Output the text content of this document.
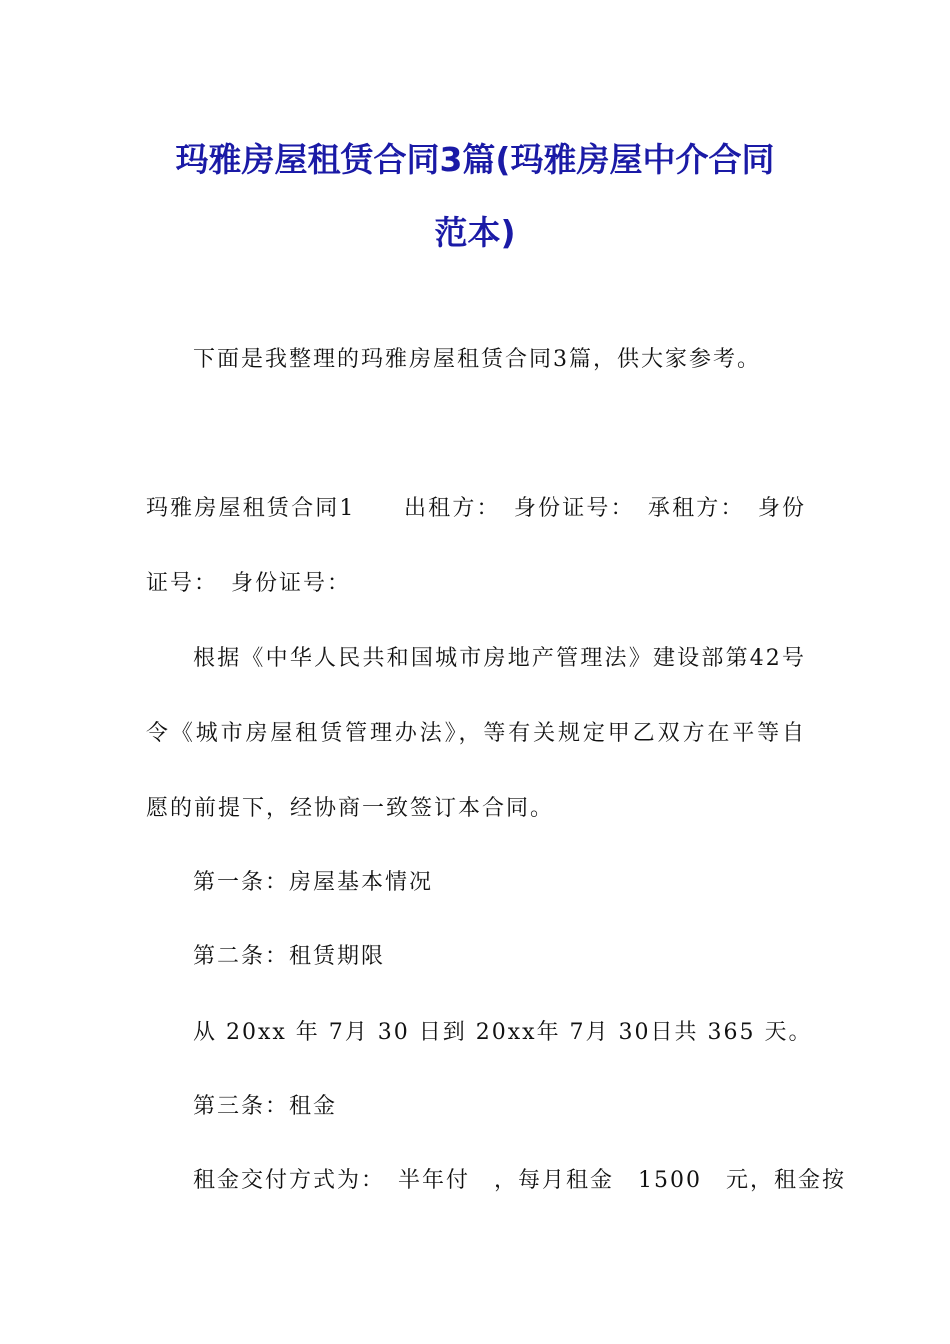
玛雅房屋租赁合同3篇(玛雅房屋中介合同
范本)
下面是我整理的玛雅房屋租赁合同3篇，供大家参考。
玛雅房屋租赁合同1　　出租方：　身份证号：　承租方：　身份
证号：　身份证号：
根据《中华人民共和国城市房地产管理法》建设部第42号
令《城市房屋租赁管理办法》，等有关规定甲乙双方在平等自
愿的前提下，经协商一致签订本合同。
第一条：房屋基本情况
第二条：租赁期限
从 20xx 年 7月 30 日到 20xx年 7月 30日共 365 天。
第三条：租金
租金交付方式为：　半年付　，每月租金　1500　元，租金按
